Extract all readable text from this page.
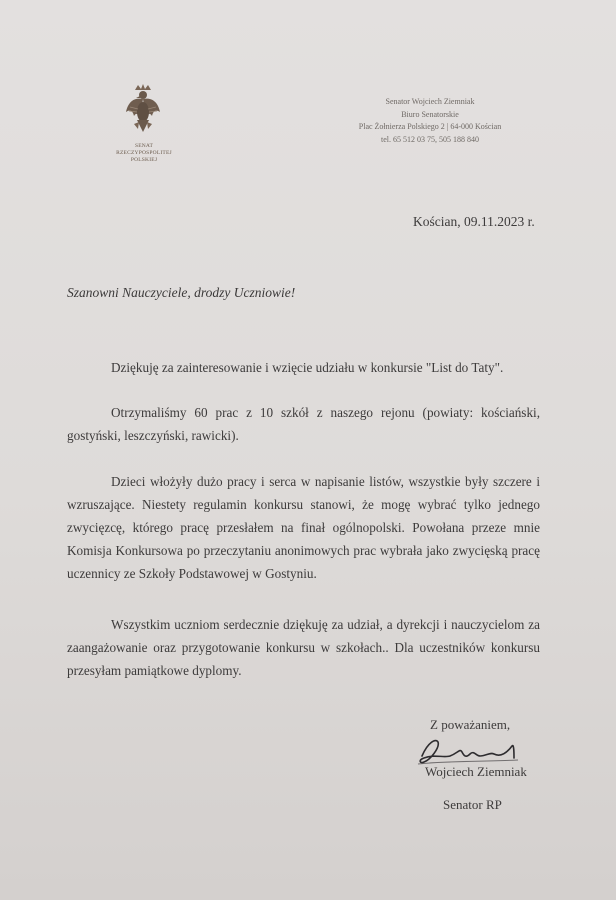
SENAT
RZECZYPOSPOLITEJ
POLSKIEJ
Senator Wojciech Ziemniak
Biuro Senatorskie
Plac Żołnierza Polskiego 2 | 64-000 Kościan
tel. 65 512 03 75, 505 188 840
Kościan, 09.11.2023 r.
Szanowni Nauczyciele, drodzy Uczniowie!
Dziękuję za zainteresowanie i wzięcie udziału w konkursie "List do Taty".
Otrzymaliśmy 60 prac z 10 szkół z naszego rejonu (powiaty: kościański, gostyński, leszczyński, rawicki).
Dzieci włożyły dużo pracy i serca w napisanie listów, wszystkie były szczere i wzruszające. Niestety regulamin konkursu stanowi, że mogę wybrać tylko jednego zwycięzcę, którego pracę przesłałem na finał ogólnopolski. Powołana przeze mnie Komisja Konkursowa po przeczytaniu anonimowych prac wybrała jako zwycięską pracę uczennicy ze Szkoły Podstawowej w Gostyniu.
Wszystkim uczniom serdecznie dziękuję za udział, a dyrekcji i nauczycielom za zaangażowanie oraz przygotowanie konkursu w szkołach.. Dla uczestników konkursu przesyłam pamiątkowe dyplomy.
Z poważaniem,
Wojciech Ziemniak
Senator RP
